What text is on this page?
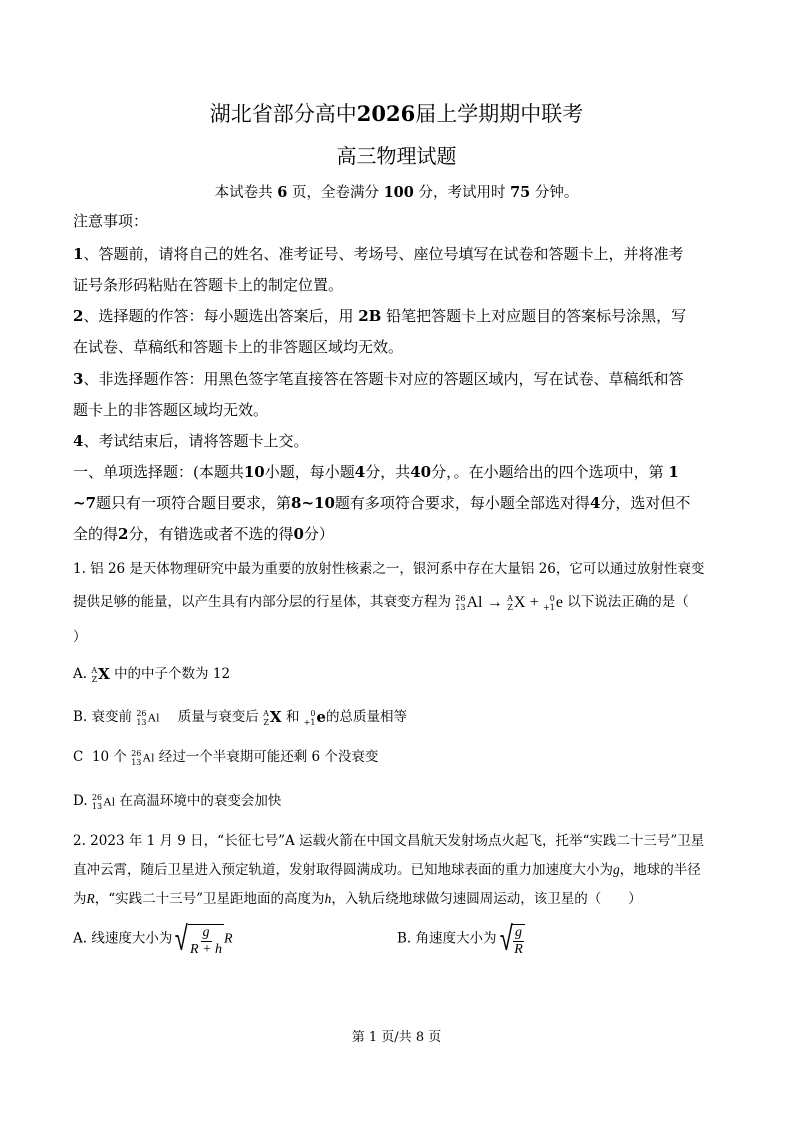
湖北省部分高中2026届上学期期中联考
高三物理试题
本试卷共 6 页，全卷满分 100 分，考试用时 75 分钟。
注意事项：
1、答题前，请将自己的姓名、准考证号、考场号、座位号填写在试卷和答题卡上，并将准考
证号条形码粘贴在答题卡上的制定位置。
2、选择题的作答：每小题选出答案后，用 2B 铅笔把答题卡上对应题目的答案标号涂黑，写
在试卷、草稿纸和答题卡上的非答题区域均无效。
3、非选择题作答：用黑色签字笔直接答在答题卡对应的答题区域内，写在试卷、草稿纸和答
题卡上的非答题区域均无效。
4、考试结束后，请将答题卡上交。
一、单项选择题：(本题共10小题，每小题4分，共40分，。在小题给出的四个选项中，第 1
~7题只有一项符合题目要求，第8~10题有多项符合要求，每小题全部选对得4分，选对但不
全的得2分，有错选或者不选的得0分）
1. 铝 26 是天体物理研究中最为重要的放射性核素之一，银河系中存在大量铝 26，它可以通过放射性衰变
提供足够的能量，以产生具有内部分层的行星体，其衰变方程为 26
13 Al → A
Z X +	0
+1 e 以下说法正确的是（
）
A. A
Z X 中的中子个数为 12
B. 衰变前 26
13 Al 质量与衰变后 A
Z X 和	0
+1 e的总质量相等
C 10 个 26
13 Al 经过一个半衰期可能还剩 6 个没衰变
D. 26
13 Al 在高温环境中的衰变会加快
2. 2023 年 1 月 9 日，“长征七号”A 运载火箭在中国文昌航天发射场点火起飞，托举“实践二十三号”卫星
直冲云霄，随后卫星进入预定轨道，发射取得圆满成功。已知地球表面的重力加速度大小为g，地球的半径
为R，“实践二十三号”卫星距地面的高度为h，入轨后绕地球做匀速圆周运动，该卫星的（　　）
A. 线速度大小为 √ $\frac{g}{R + h}$ R	B. 角速度大小为 √ $\frac{g}{R}$
第 1 页/共 8 页
